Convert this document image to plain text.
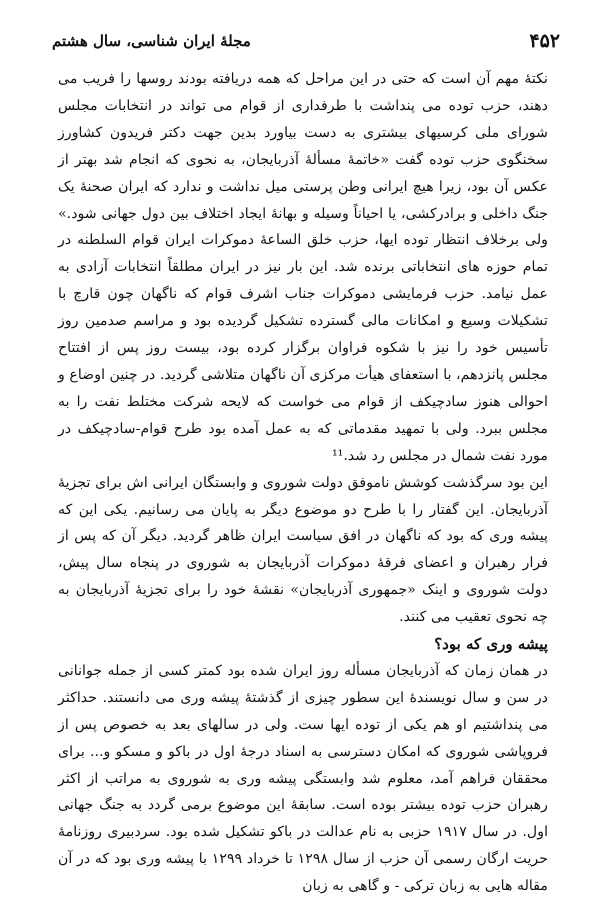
۴۵۲
مجلهٔ ایران شناسی، سال هشتم

نکتهٔ مهم آن است که حتی در این مراحل که همه دریافته بودند روسها را فریب می دهند، حزب توده می پنداشت با طرفداری از قوام می تواند در انتخابات مجلس شورای ملی کرسیهای بیشتری به دست بیاورد بدین جهت دکتر فریدون کشاورز سخنگوی حزب توده گفت «خاتمهٔ مسألهٔ آذربایجان، به نحوی که انجام شد بهتر از عکس آن بود، زیرا هیچ ایرانی وطن پرستی میل نداشت و ندارد که ایران صحنهٔ یک جنگ داخلی و برادرکشی، یا احیاناً وسیله و بهانهٔ ایجاد اختلاف بین دول جهانی شود.» ولی برخلاف انتظار توده ایها، حزب خلق الساعهٔ دموکرات ایران قوام السلطنه در تمام حوزه های انتخاباتی برنده شد. این بار نیز در ایران مطلقاً انتخابات آزادی به عمل نیامد. حزب فرمایشی دموکرات جناب اشرف قوام که ناگهان چون قارچ با تشکیلات وسیع و امکانات مالی گسترده تشکیل گردیده بود و مراسم صدمین روز تأسیس خود را نیز با شکوه فراوان برگزار کرده بود، بیست روز پس از افتتاح مجلس پانزدهم، با استعفای هیأت مرکزی آن ناگهان متلاشی گردید. در چنین اوضاع و احوالی هنوز سادچیکف از قوام می خواست که لایحه شرکت مختلط نفت را به مجلس ببرد. ولی با تمهید مقدماتی که به عمل آمده بود طرح قوام-سادچیکف در مورد نفت شمال در مجلس رد شد.¹¹

این بود سرگذشت کوشش ناموفق دولت شوروی و وابستگان ایرانی اش برای تجزیهٔ آذربایجان. این گفتار را با طرح دو موضوع دیگر به پایان می رسانیم. یکی این که پیشه وری که بود که ناگهان در افق سیاست ایران ظاهر گردید. دیگر آن که پس از فرار رهبران و اعضای فرقهٔ دموکرات آذربایجان به شوروی در پنجاه سال پیش، دولت شوروی و اینک «جمهوری آذربایجان» نقشهٔ خود را برای تجزیهٔ آذربایجان به چه نحوی تعقیب می کنند.

پیشه وری که بود؟

در همان زمان که آذربایجان مسأله روز ایران شده بود کمتر کسی از جمله جوانانی در سن و سال نویسندهٔ این سطور چیزی از گذشتهٔ پیشه وری می دانستند. حداکثر می پنداشتیم او هم یکی از توده ایها ست. ولی در سالهای بعد به خصوص پس از فروپاشی شوروی که امکان دسترسی به اسناد درجهٔ اول در باکو و مسکو و... برای محققان فراهم آمد، معلوم شد وابستگی پیشه وری به شوروی به مراتب از اکثر رهبران حزب توده بیشتر بوده است. سابقهٔ این موضوع برمی گردد به جنگ جهانی اول. در سال ۱۹۱۷ حزبی به نام عدالت در باکو تشکیل شده بود. سردبیری روزنامهٔ حریت ارگان رسمی آن حزب از سال ۱۲۹۸ تا خرداد ۱۲۹۹ با پیشه وری بود که در آن مقاله هایی به زبان ترکی - و گاهی به زبان
